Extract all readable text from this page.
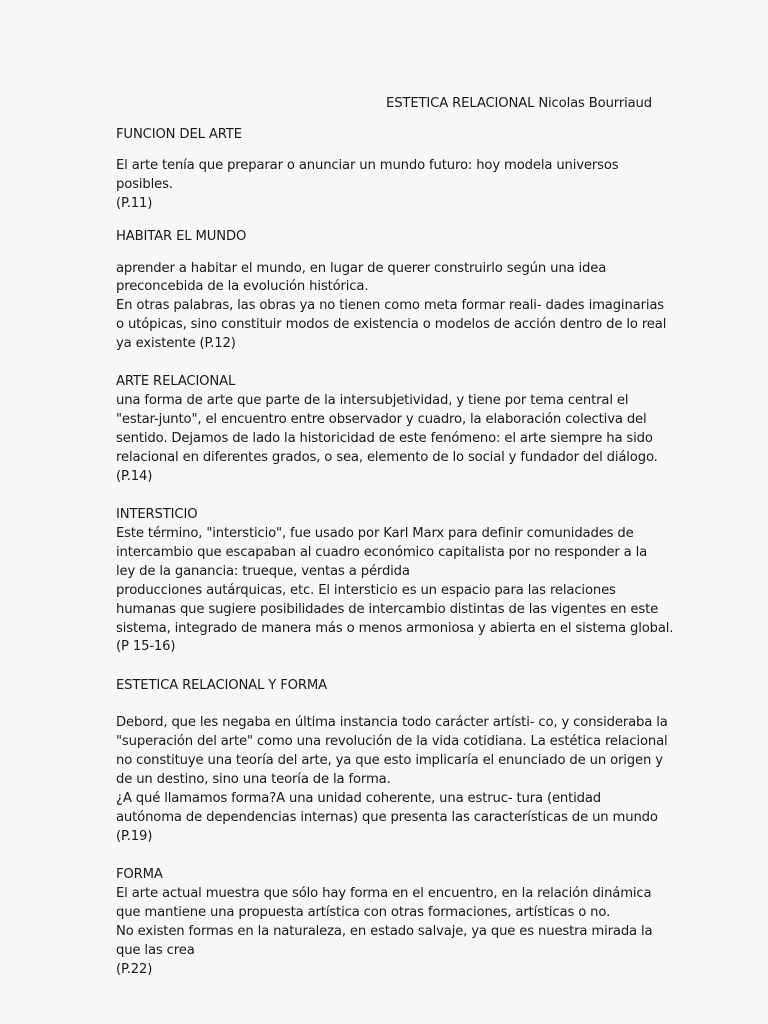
ESTETICA RELACIONAL Nicolas Bourriaud
FUNCION DEL ARTE
El arte tenía que preparar o anunciar un mundo futuro: hoy modela universos
posibles.
(P.11)
HABITAR EL MUNDO
aprender a habitar el mundo, en lugar de querer construirlo según una idea
preconcebida de la evolución histórica.
En otras palabras, las obras ya no tienen como meta formar reali- dades imaginarias
o utópicas, sino constituir modos de existencia o modelos de acción dentro de lo real
ya existente (P.12)
ARTE RELACIONAL
una forma de arte que parte de la intersubjetividad, y tiene por tema central el
"estar-junto", el encuentro entre observador y cuadro, la elaboración colectiva del
sentido. Dejamos de lado la historicidad de este fenómeno: el arte siempre ha sido
relacional en diferentes grados, o sea, elemento de lo social y fundador del diálogo.
(P.14)
INTERSTICIO
Este término, "intersticio", fue usado por Karl Marx para definir comunidades de
intercambio que escapaban al cuadro económico capitalista por no responder a la
ley de la ganancia: trueque, ventas a pérdida
producciones autárquicas, etc. El intersticio es un espacio para las relaciones
humanas que sugiere posibilidades de intercambio distintas de las vigentes en este
sistema, integrado de manera más o menos armoniosa y abierta en el sistema global.
(P 15-16)
ESTETICA RELACIONAL Y FORMA
Debord, que les negaba en última instancia todo carácter artísti- co, y consideraba la
"superación del arte" como una revolución de la vida cotidiana. La estética relacional
no constituye una teoría del arte, ya que esto implicaría el enunciado de un origen y
de un destino, sino una teoría de la forma.
¿A qué llamamos forma?A una unidad coherente, una estruc- tura (entidad
autónoma de dependencias internas) que presenta las características de un mundo
(P.19)
FORMA
El arte actual muestra que sólo hay forma en el encuentro, en la relación dinámica
que mantiene una propuesta artística con otras formaciones, artísticas o no.
No existen formas en la naturaleza, en estado salvaje, ya que es nuestra mirada la
que las crea
(P.22)
